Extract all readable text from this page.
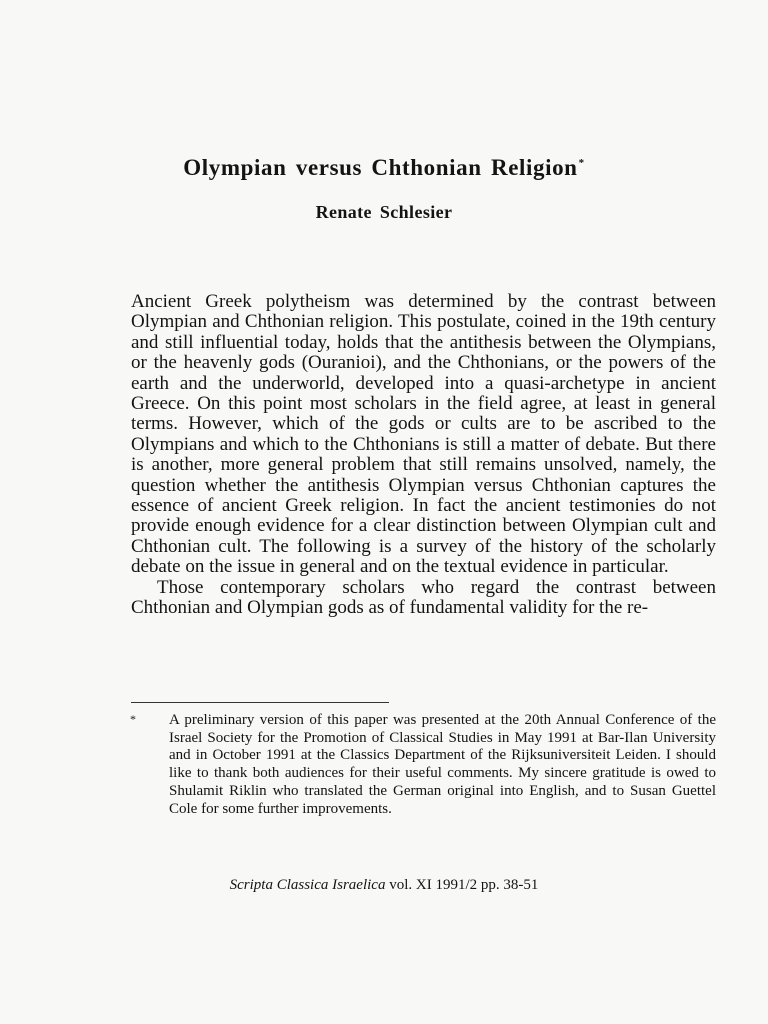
Olympian versus Chthonian Religion*
Renate Schlesier

Ancient Greek polytheism was determined by the contrast between Olympian and Chthonian religion. This postulate, coined in the 19th century and still influential today, holds that the antithesis between the Olympians, or the heavenly gods (Ouranioi), and the Chthonians, or the powers of the earth and the underworld, developed into a quasi-archetype in ancient Greece. On this point most scholars in the field agree, at least in general terms. However, which of the gods or cults are to be ascribed to the Olympians and which to the Chthonians is still a matter of debate. But there is another, more general problem that still remains unsolved, namely, the question whether the antithesis Olympian versus Chthonian captures the essence of ancient Greek religion. In fact the ancient testimonies do not provide enough evidence for a clear distinction between Olympian cult and Chthonian cult. The following is a survey of the history of the scholarly debate on the issue in general and on the textual evidence in particular.

Those contemporary scholars who regard the contrast between Chthonian and Olympian gods as of fundamental validity for the re-

* A preliminary version of this paper was presented at the 20th Annual Conference of the Israel Society for the Promotion of Classical Studies in May 1991 at Bar-Ilan University and in October 1991 at the Classics Department of the Rijksuniversiteit Leiden. I should like to thank both audiences for their useful comments. My sincere gratitude is owed to Shulamit Riklin who translated the German original into English, and to Susan Guettel Cole for some further improvements.
Scripta Classica Israelica vol. XI 1991/2 pp. 38-51
